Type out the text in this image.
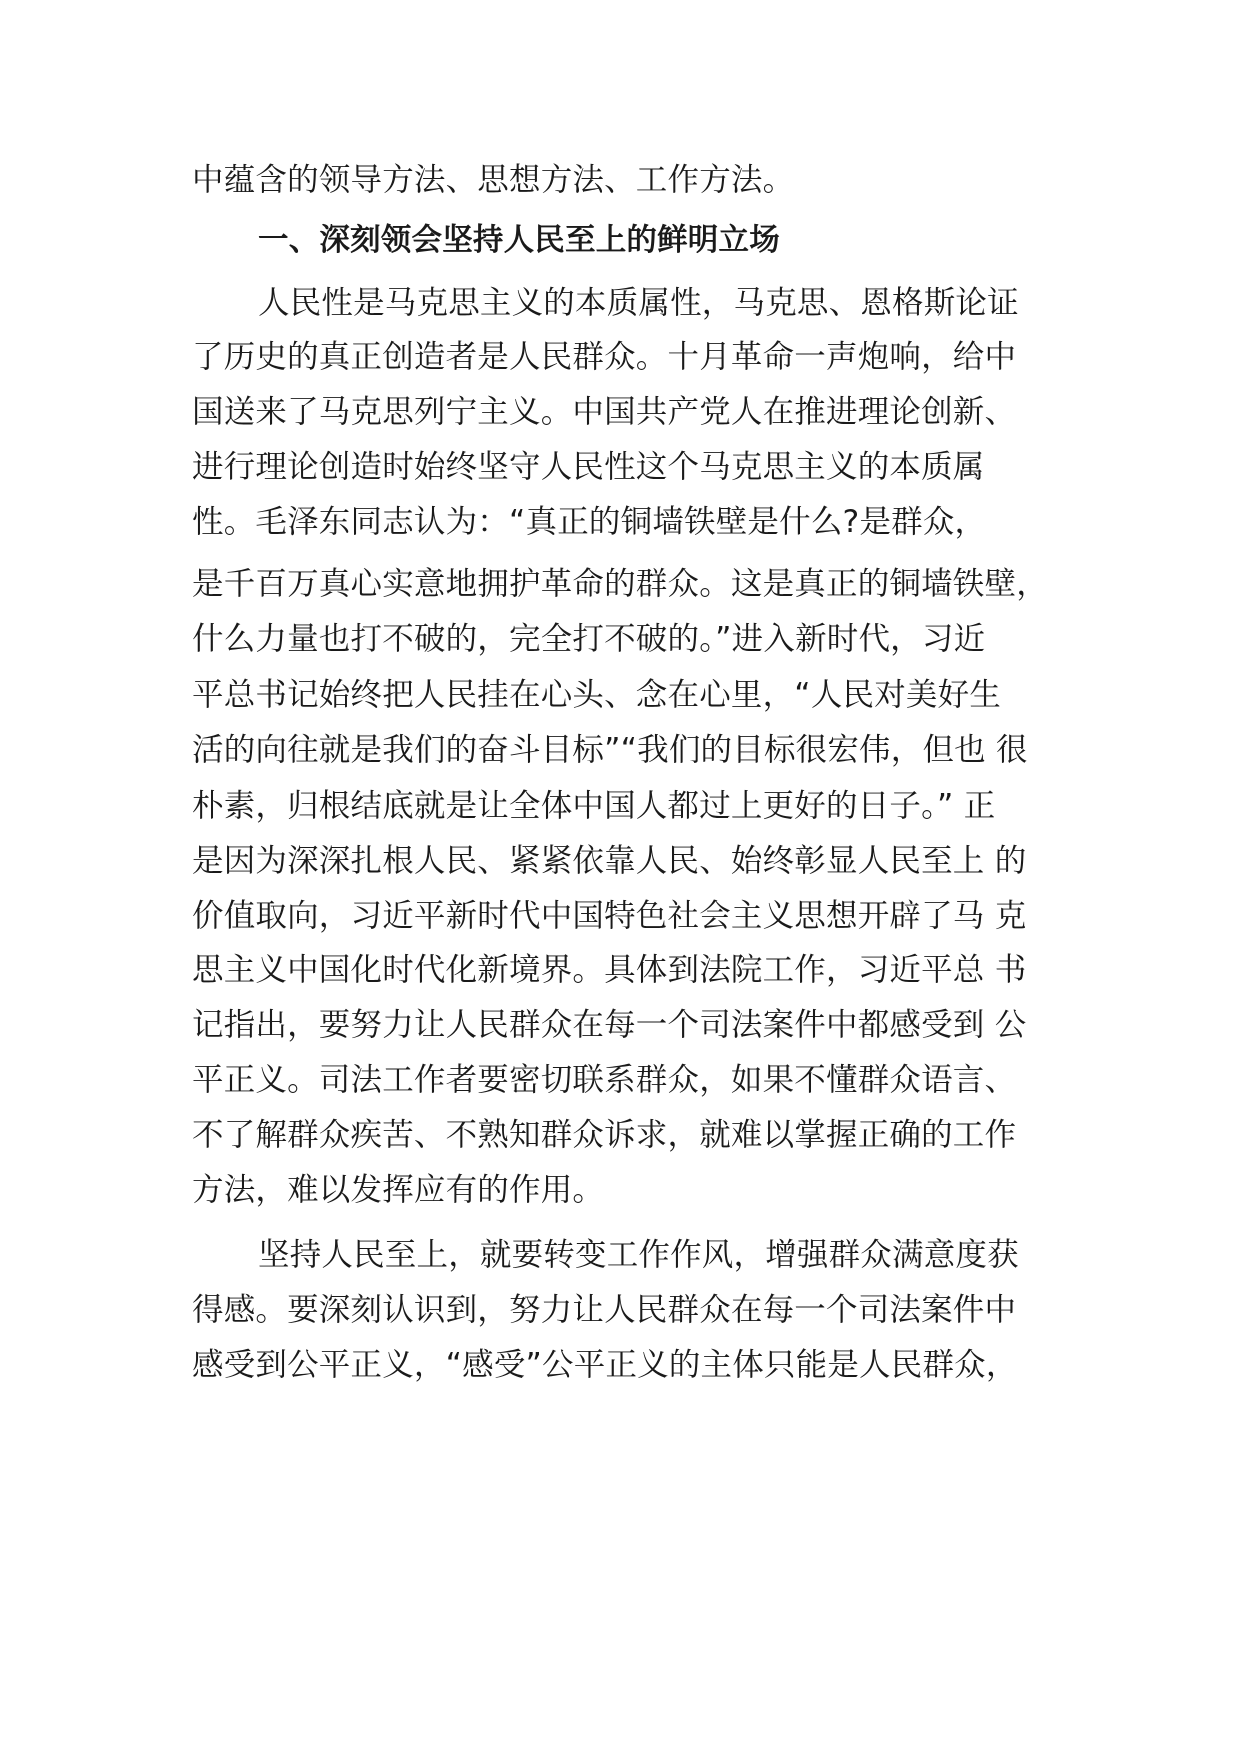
中蕴含的领导方法、思想方法、工作方法。
一、深刻领会坚持人民至上的鲜明立场
人民性是马克思主义的本质属性，马克思、恩格斯论证
了历史的真正创造者是人民群众。十月革命一声炮响，给中
国送来了马克思列宁主义。中国共产党人在推进理论创新、
进行理论创造时始终坚守人民性这个马克思主义的本质属
性。毛泽东同志认为：“真正的铜墙铁壁是什么?是群众，
是千百万真心实意地拥护革命的群众。这是真正的铜墙铁壁，
什么力量也打不破的，完全打不破的。”进入新时代，习近
平总书记始终把人民挂在心头、念在心里，“人民对美好生
活的向往就是我们的奋斗目标”“我们的目标很宏伟，但也 很
朴素，归根结底就是让全体中国人都过上更好的日子。” 正
是因为深深扎根人民、紧紧依靠人民、始终彰显人民至上 的
价值取向，习近平新时代中国特色社会主义思想开辟了马 克
思主义中国化时代化新境界。具体到法院工作，习近平总 书
记指出，要努力让人民群众在每一个司法案件中都感受到 公
平正义。司法工作者要密切联系群众，如果不懂群众语言、
不了解群众疾苦、不熟知群众诉求，就难以掌握正确的工作
方法，难以发挥应有的作用。
坚持人民至上，就要转变工作作风，增强群众满意度获
得感。要深刻认识到，努力让人民群众在每一个司法案件中
感受到公平正义，“感受”公平正义的主体只能是人民群众，
